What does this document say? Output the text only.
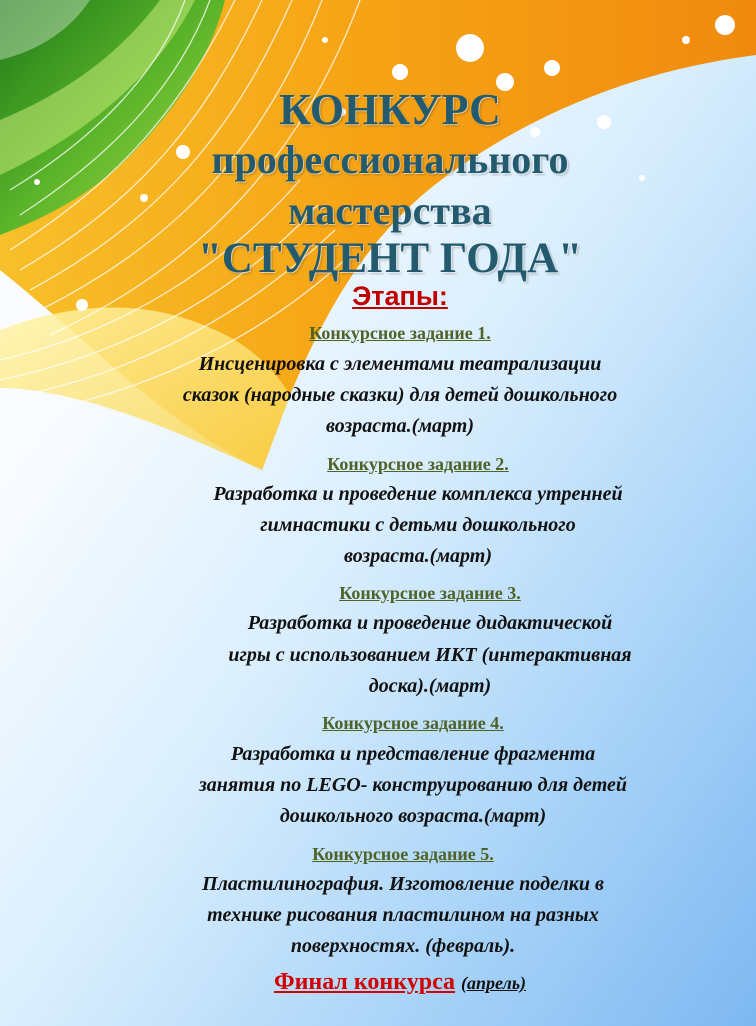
КОНКУРС
профессионального
мастерства
"СТУДЕНТ ГОДА"
Этапы:
Конкурсное задание 1.
Инсценировка с элементами театрализации
сказок (народные сказки) для детей дошкольного
возраста.(март)
Конкурсное задание 2.
Разработка и проведение комплекса утренней
гимнастики с детьми дошкольного
возраста.(март)
Конкурсное задание 3.
Разработка и проведение дидактической
игры с использованием ИКТ (интерактивная
доска).(март)
Конкурсное задание 4.
Разработка и представление фрагмента
занятия по LEGO- конструированию для детей
дошкольного возраста.(март)
Конкурсное задание 5.
Пластилинография. Изготовление поделки в
технике рисования пластилином на разных
поверхностях. (февраль).
Финал конкурса (апрель)
